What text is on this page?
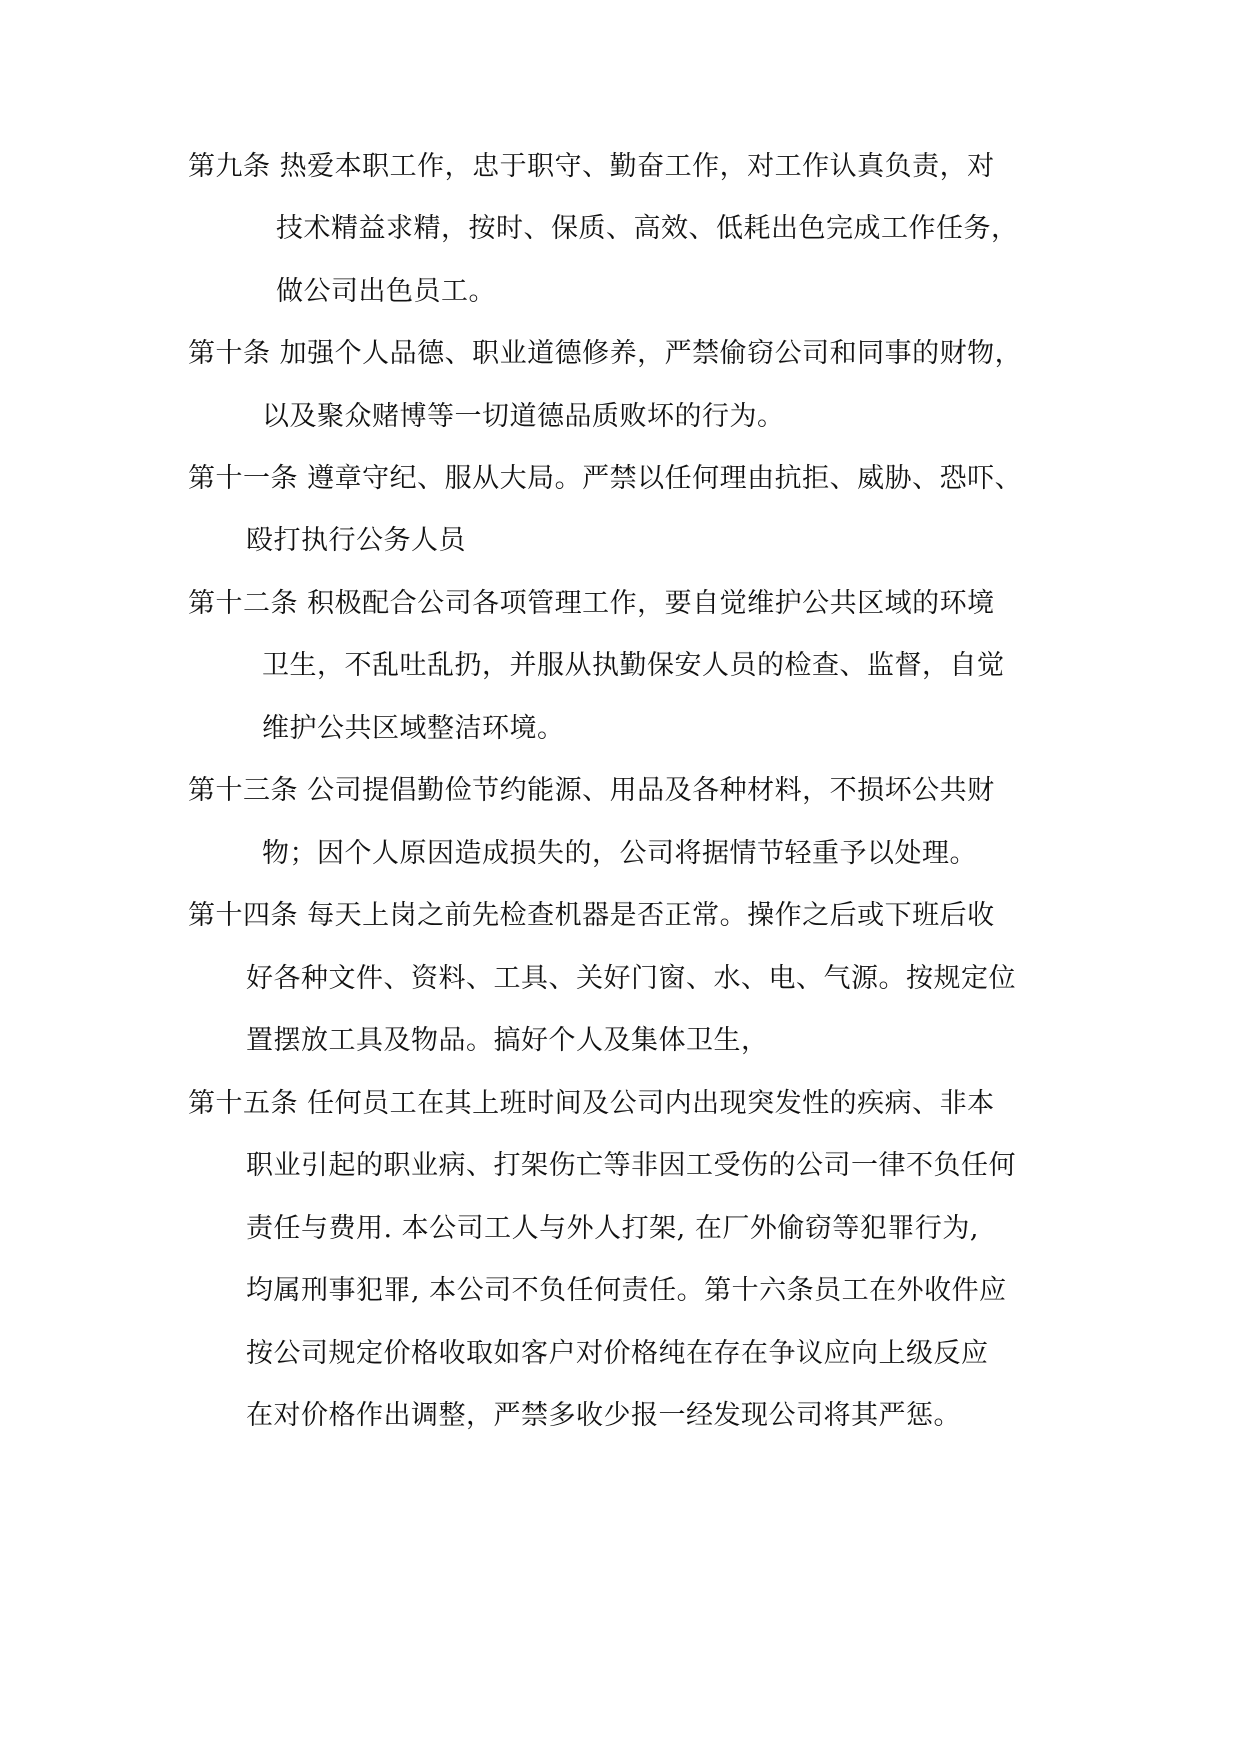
第九条 热爱本职工作，忠于职守、勤奋工作，对工作认真负责，对
技术精益求精，按时、保质、高效、低耗出色完成工作任务，
做公司出色员工。
第十条 加强个人品德、职业道德修养，严禁偷窃公司和同事的财物，
以及聚众赌博等一切道德品质败坏的行为。
第十一条 遵章守纪、服从大局。严禁以任何理由抗拒、威胁、恐吓、
殴打执行公务人员
第十二条 积极配合公司各项管理工作，要自觉维护公共区域的环境
卫生，不乱吐乱扔，并服从执勤保安人员的检查、监督，自觉
维护公共区域整洁环境。
第十三条 公司提倡勤俭节约能源、用品及各种材料，不损坏公共财
物；因个人原因造成损失的，公司将据情节轻重予以处理。
第十四条 每天上岗之前先检查机器是否正常。操作之后或下班后收
好各种文件、资料、工具、关好门窗、水、电、气源。按规定位
置摆放工具及物品。搞好个人及集体卫生，
第十五条 任何员工在其上班时间及公司内出现突发性的疾病、非本
职业引起的职业病、打架伤亡等非因工受伤的公司一律不负任何
责任与费用. 本公司工人与外人打架, 在厂外偷窃等犯罪行为,
均属刑事犯罪, 本公司不负任何责任。第十六条员工在外收件应
按公司规定价格收取如客户对价格纯在存在争议应向上级反应
在对价格作出调整，严禁多收少报一经发现公司将其严惩。
